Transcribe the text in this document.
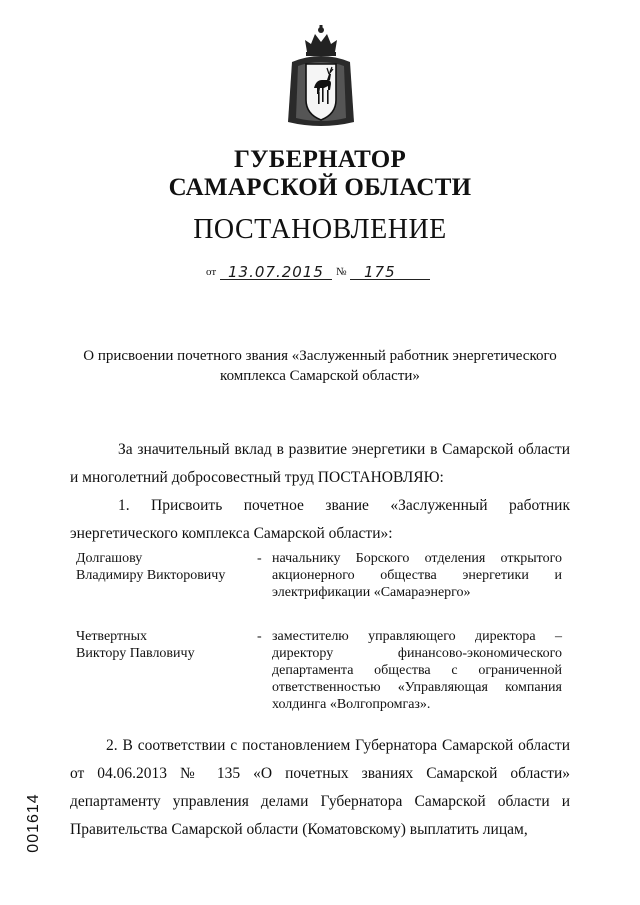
ГУБЕРНАТОР
САМАРСКОЙ ОБЛАСТИ
ПОСТАНОВЛЕНИЕ
от 13.07.2015 № 175
О присвоении почетного звания «Заслуженный работник энергетического
комплекса Самарской области»
За значительный вклад в развитие энергетики в Самарской области и многолетний добросовестный труд ПОСТАНОВЛЯЮ:
1. Присвоить почетное звание «Заслуженный работник энергетического комплекса Самарской области»:
Долгашову
Владимиру Викторовичу
- начальнику Борского отделения открытого акционерного общества энергетики и электрификации «Самараэнерго»
Четвертных
Виктору Павловичу
- заместителю управляющего директора – директору финансово-экономического департамента общества с ограниченной ответственностью «Управляющая компания холдинга «Волгопромгаз».
2. В соответствии с постановлением Губернатора Самарской области от 04.06.2013 № 135 «О почетных званиях Самарской области» департаменту управления делами Губернатора Самарской области и Правительства Самарской области (Коматовскому) выплатить лицам,
001614
